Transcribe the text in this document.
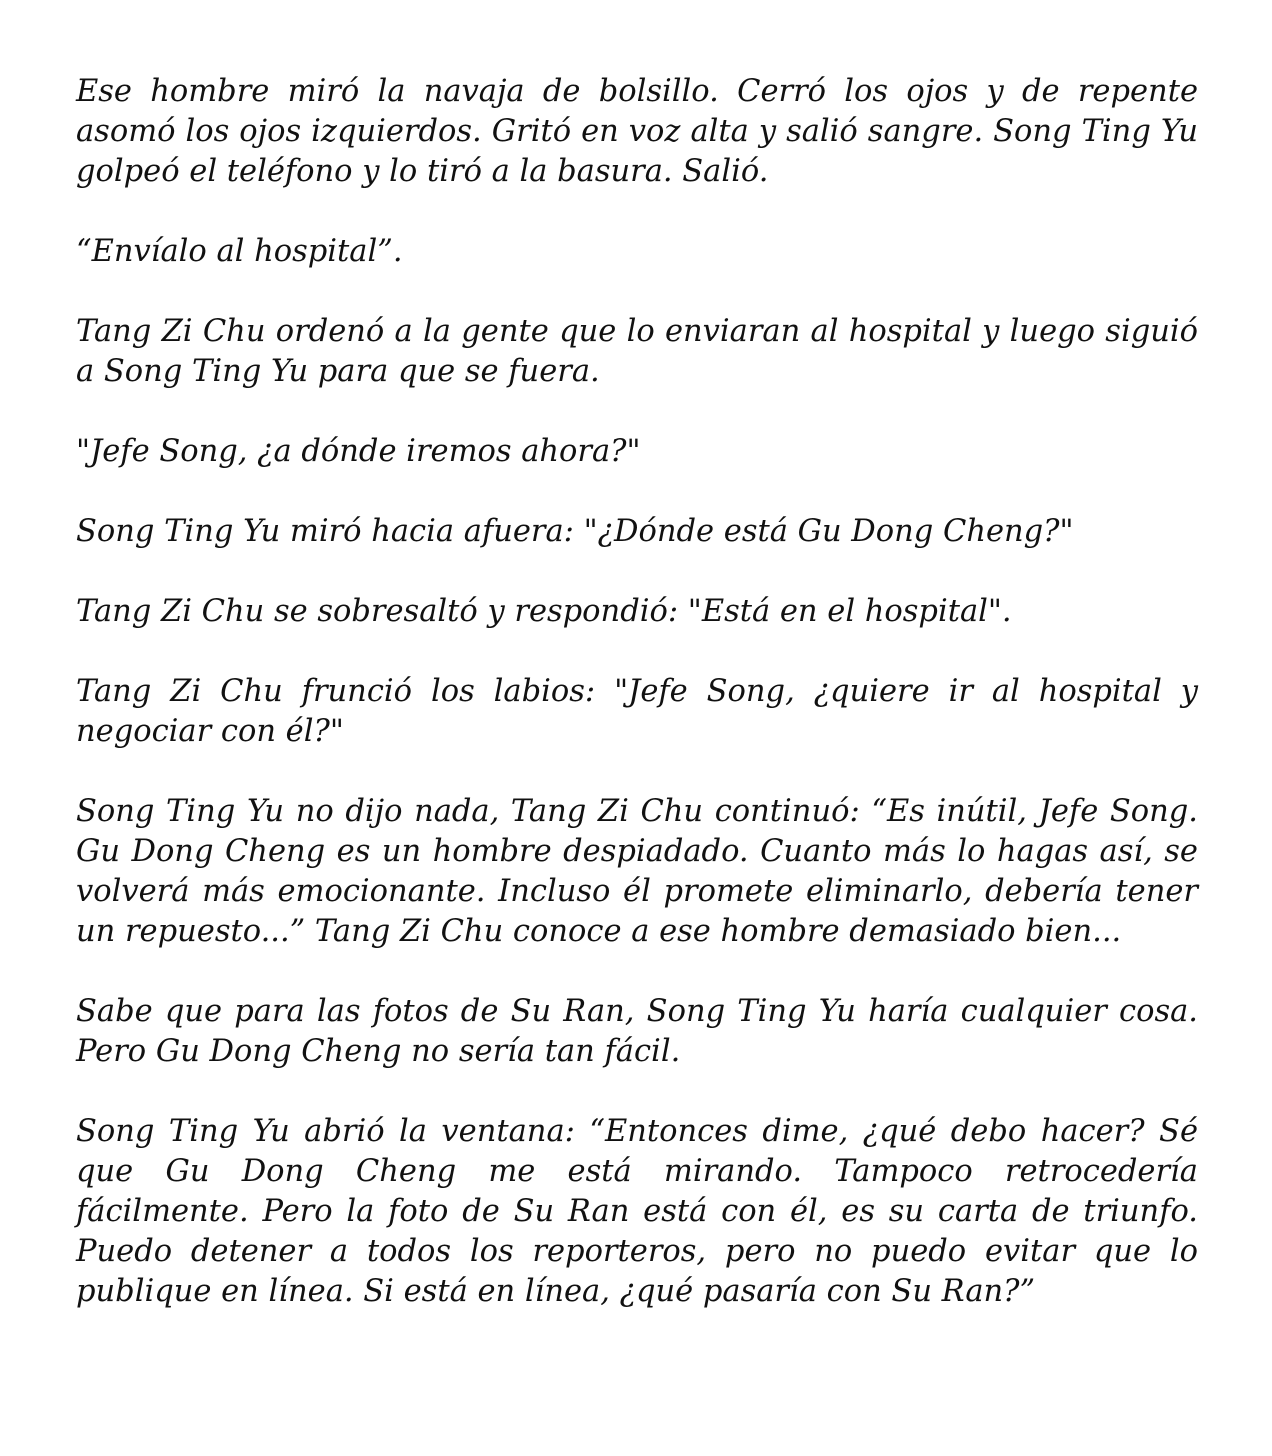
Ese hombre miró la navaja de bolsillo. Cerró los ojos y de repente asomó los ojos izquierdos. Gritó en voz alta y salió sangre. Song Ting Yu golpeó el teléfono y lo tiró a la basura. Salió.

“Envíalo al hospital”.

Tang Zi Chu ordenó a la gente que lo enviaran al hospital y luego siguió a Song Ting Yu para que se fuera.

"Jefe Song, ¿a dónde iremos ahora?"

Song Ting Yu miró hacia afuera: "¿Dónde está Gu Dong Cheng?"

Tang Zi Chu se sobresaltó y respondió: "Está en el hospital".

Tang Zi Chu frunció los labios: "Jefe Song, ¿quiere ir al hospital y negociar con él?"

Song Ting Yu no dijo nada, Tang Zi Chu continuó: “Es inútil, Jefe Song. Gu Dong Cheng es un hombre despiadado. Cuanto más lo hagas así, se volverá más emocionante. Incluso él promete eliminarlo, debería tener un repuesto...” Tang Zi Chu conoce a ese hombre demasiado bien...

Sabe que para las fotos de Su Ran, Song Ting Yu haría cualquier cosa. Pero Gu Dong Cheng no sería tan fácil.

Song Ting Yu abrió la ventana: “Entonces dime, ¿qué debo hacer? Sé que Gu Dong Cheng me está mirando. Tampoco retrocedería fácilmente. Pero la foto de Su Ran está con él, es su carta de triunfo. Puedo detener a todos los reporteros, pero no puedo evitar que lo publique en línea. Si está en línea, ¿qué pasaría con Su Ran?”
